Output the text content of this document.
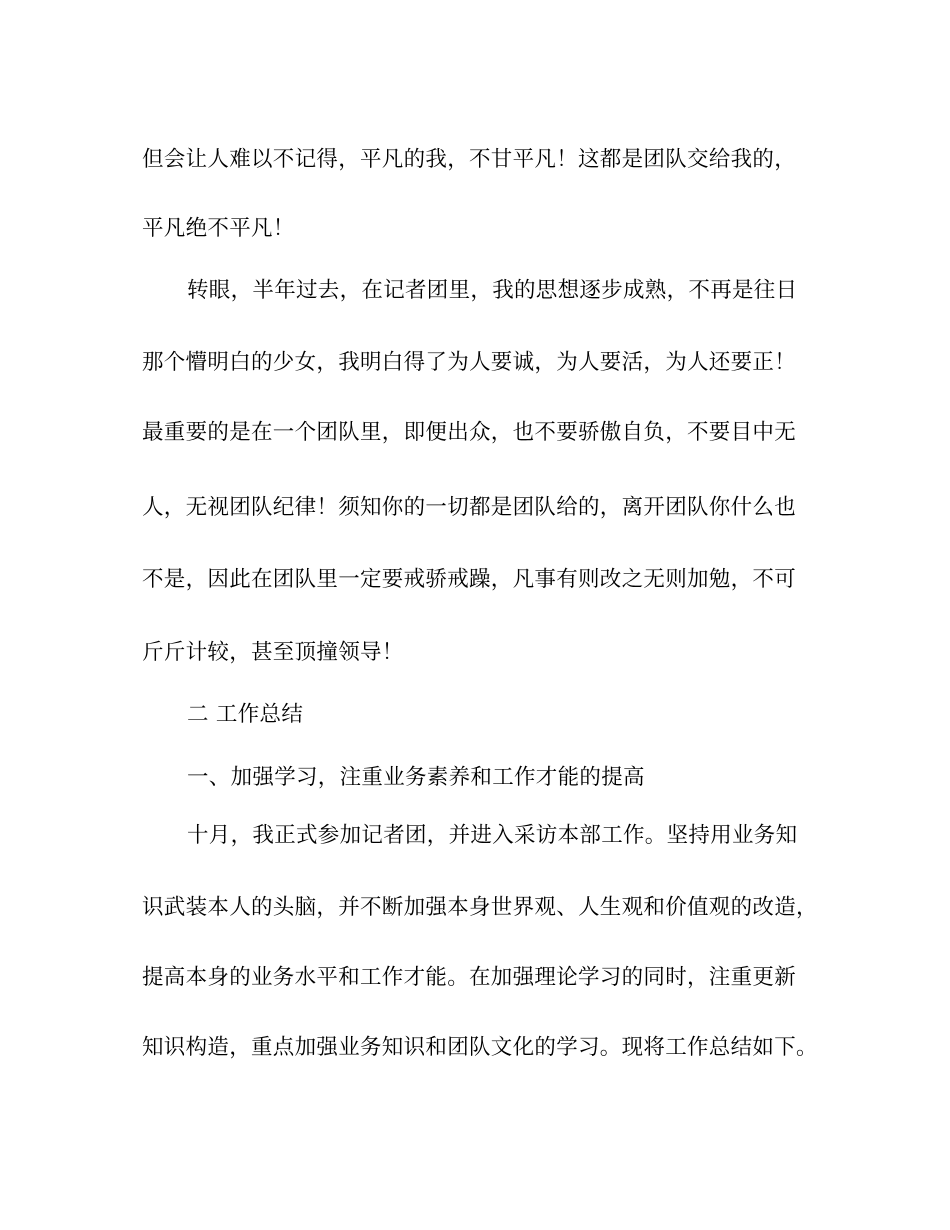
但会让人难以不记得，平凡的我，不甘平凡！这都是团队交给我的，
平凡绝不平凡！
转眼，半年过去，在记者团里，我的思想逐步成熟，不再是往日
那个懵明白的少女，我明白得了为人要诚，为人要活，为人还要正！
最重要的是在一个团队里，即便出众，也不要骄傲自负，不要目中无
人，无视团队纪律！须知你的一切都是团队给的，离开团队你什么也
不是，因此在团队里一定要戒骄戒躁，凡事有则改之无则加勉，不可
斤斤计较，甚至顶撞领导！
二 工作总结
一、加强学习，注重业务素养和工作才能的提高
十月，我正式参加记者团，并进入采访本部工作。坚持用业务知
识武装本人的头脑，并不断加强本身世界观、人生观和价值观的改造，
提高本身的业务水平和工作才能。在加强理论学习的同时，注重更新
知识构造，重点加强业务知识和团队文化的学习。现将工作总结如下。
